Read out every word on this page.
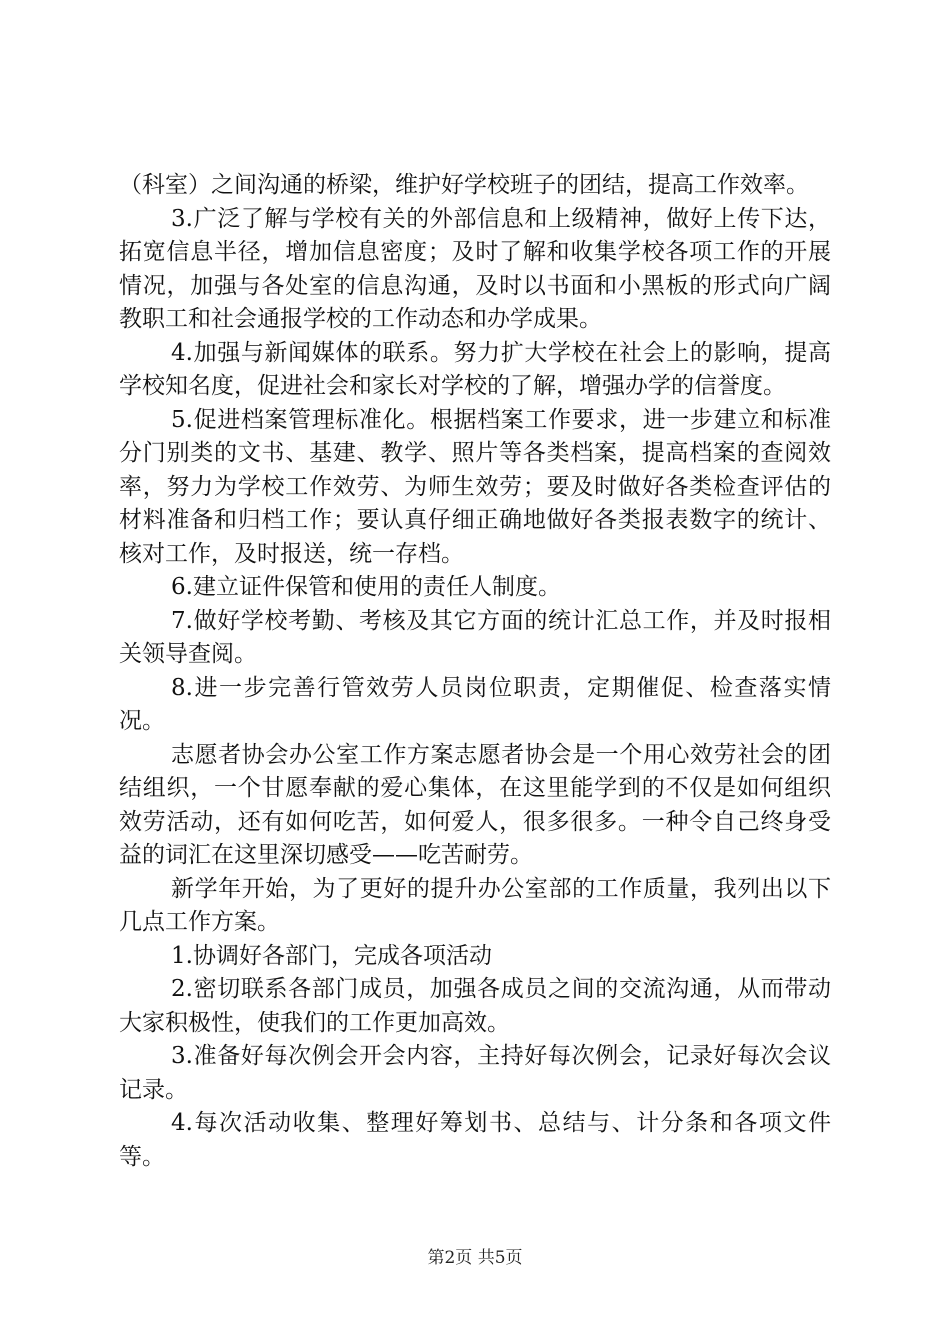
（科室）之间沟通的桥梁，维护好学校班子的团结，提高工作效率。

3.广泛了解与学校有关的外部信息和上级精神，做好上传下达，拓宽信息半径，增加信息密度；及时了解和收集学校各项工作的开展情况，加强与各处室的信息沟通，及时以书面和小黑板的形式向广阔教职工和社会通报学校的工作动态和办学成果。

4.加强与新闻媒体的联系。努力扩大学校在社会上的影响，提高学校知名度，促进社会和家长对学校的了解，增强办学的信誉度。

5.促进档案管理标准化。根据档案工作要求，进一步建立和标准分门别类的文书、基建、教学、照片等各类档案，提高档案的查阅效率，努力为学校工作效劳、为师生效劳；要及时做好各类检查评估的材料准备和归档工作；要认真仔细正确地做好各类报表数字的统计、核对工作，及时报送，统一存档。

6.建立证件保管和使用的责任人制度。

7.做好学校考勤、考核及其它方面的统计汇总工作，并及时报相关领导查阅。

8.进一步完善行管效劳人员岗位职责，定期催促、检查落实情况。

志愿者协会办公室工作方案志愿者协会是一个用心效劳社会的团结组织，一个甘愿奉献的爱心集体，在这里能学到的不仅是如何组织效劳活动，还有如何吃苦，如何爱人，很多很多。一种令自己终身受益的词汇在这里深切感受——吃苦耐劳。

新学年开始，为了更好的提升办公室部的工作质量，我列出以下几点工作方案。

1.协调好各部门，完成各项活动

2.密切联系各部门成员，加强各成员之间的交流沟通，从而带动大家积极性，使我们的工作更加高效。

3.准备好每次例会开会内容，主持好每次例会，记录好每次会议记录。

4.每次活动收集、整理好筹划书、总结与、计分条和各项文件等。

第2页 共5页
